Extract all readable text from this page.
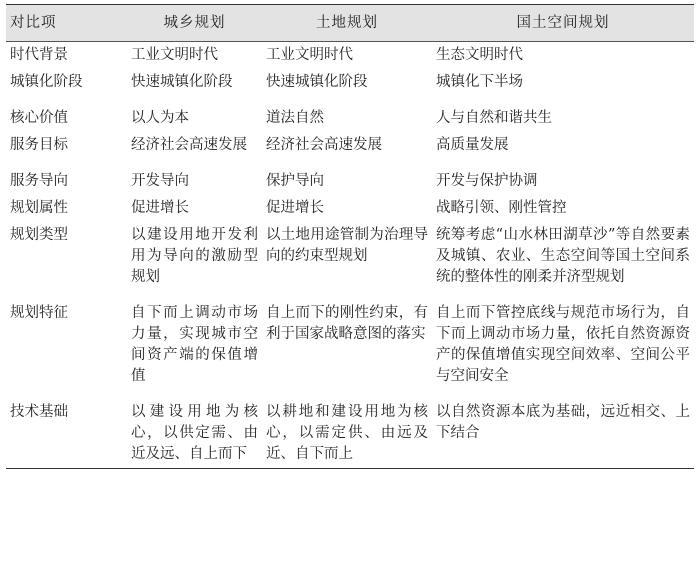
对比项	城乡规划	土地规划	国土空间规划
时代背景	工业文明时代	工业文明时代	生态文明时代
城镇化阶段	快速城镇化阶段	快速城镇化阶段	城镇化下半场
核心价值	以人为本	道法自然	人与自然和谐共生
服务目标	经济社会高速发展	经济社会高速发展	高质量发展
服务导向	开发导向	保护导向	开发与保护协调
规划属性	促进增长	促进增长	战略引领、刚性管控
规划类型	以建设用地开发利用为导向的激励型规划	以土地用途管制为治理导向的约束型规划	统筹考虑“山水林田湖草沙”等自然要素及城镇、农业、生态空间等国土空间系统的整体性的刚柔并济型规划
规划特征	自下而上调动市场力量，实现城市空间资产端的保值增值	自上而下的刚性约束，有利于国家战略意图的落实	自上而下管控底线与规范市场行为，自下而上调动市场力量，依托自然资源资产的保值增值实现空间效率、空间公平与空间安全
技术基础	以建设用地为核心，以供定需、由近及远、自上而下	以耕地和建设用地为核心，以需定供、由远及近、自下而上	以自然资源本底为基础，远近相交、上下结合
